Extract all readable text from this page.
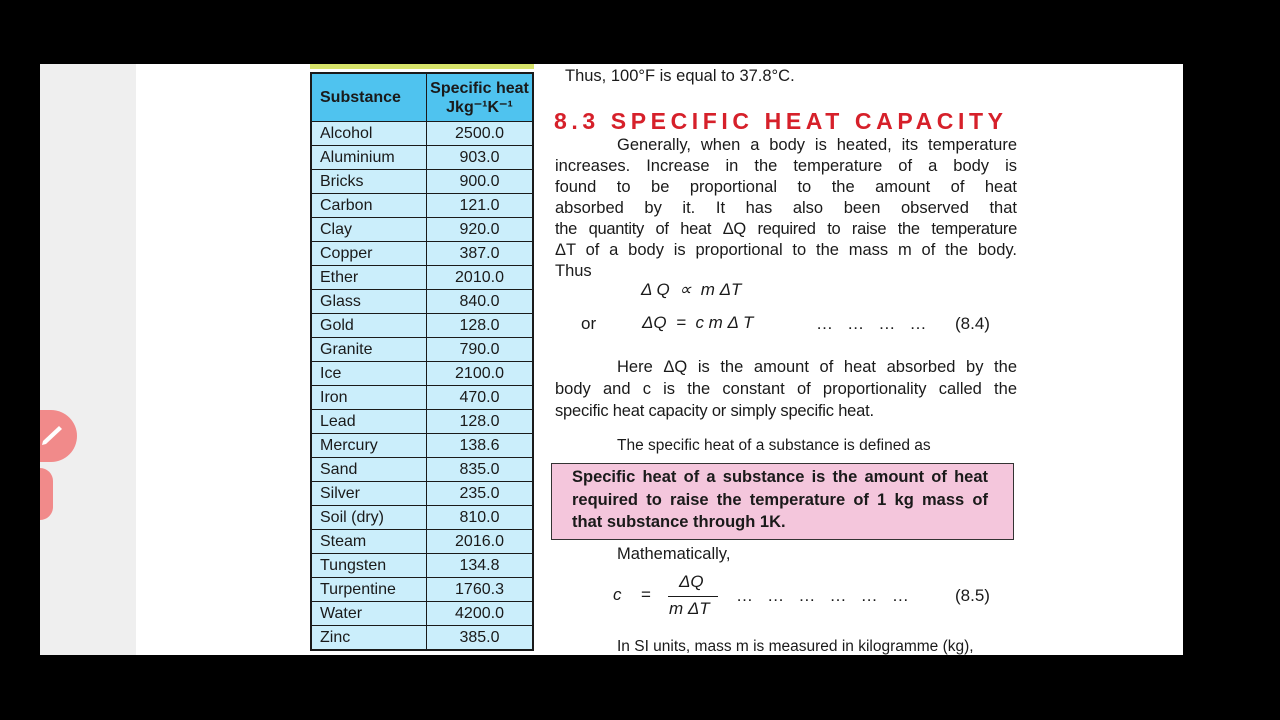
Substance	Specific heat
Jkg⁻¹K⁻¹

Alcohol	2500.0
Aluminium	903.0
Bricks	900.0
Carbon	121.0
Clay	920.0
Copper	387.0
Ether	2010.0
Glass	840.0
Gold	128.0
Granite	790.0
Ice	2100.0
Iron	470.0
Lead	128.0
Mercury	138.6
Sand	835.0
Silver	235.0
Soil (dry)	810.0
Steam	2016.0
Tungsten	134.8
Turpentine	1760.3
Water	4200.0
Zinc	385.0
Thus, 100°F is equal to 37.8°C.
8.3 SPECIFIC HEAT CAPACITY
Generally, when a body is heated, its temperature
increases. Increase in the temperature of a body is
found to be proportional to the amount of heat
absorbed by it. It has also been observed that
the quantity of heat ΔQ required to raise the temperature
ΔT of a body is proportional to the mass m of the body.
Thus
Δ Q  ∝  m ΔT
or	ΔQ  =  c m Δ T	…   …   …   … (8.4)
Here ΔQ is the amount of heat absorbed by the
body and c is the constant of proportionality called the
specific heat capacity or simply specific heat.
The specific heat of a substance is defined as
Specific heat of a substance is the amount of heat required to raise the temperature of 1 kg mass of that substance through 1K.
Mathematically,
c =
ΔQ
m ΔT
…   …   …   …   …   …	(8.5)
In SI units, mass m is measured in kilogramme (kg),
